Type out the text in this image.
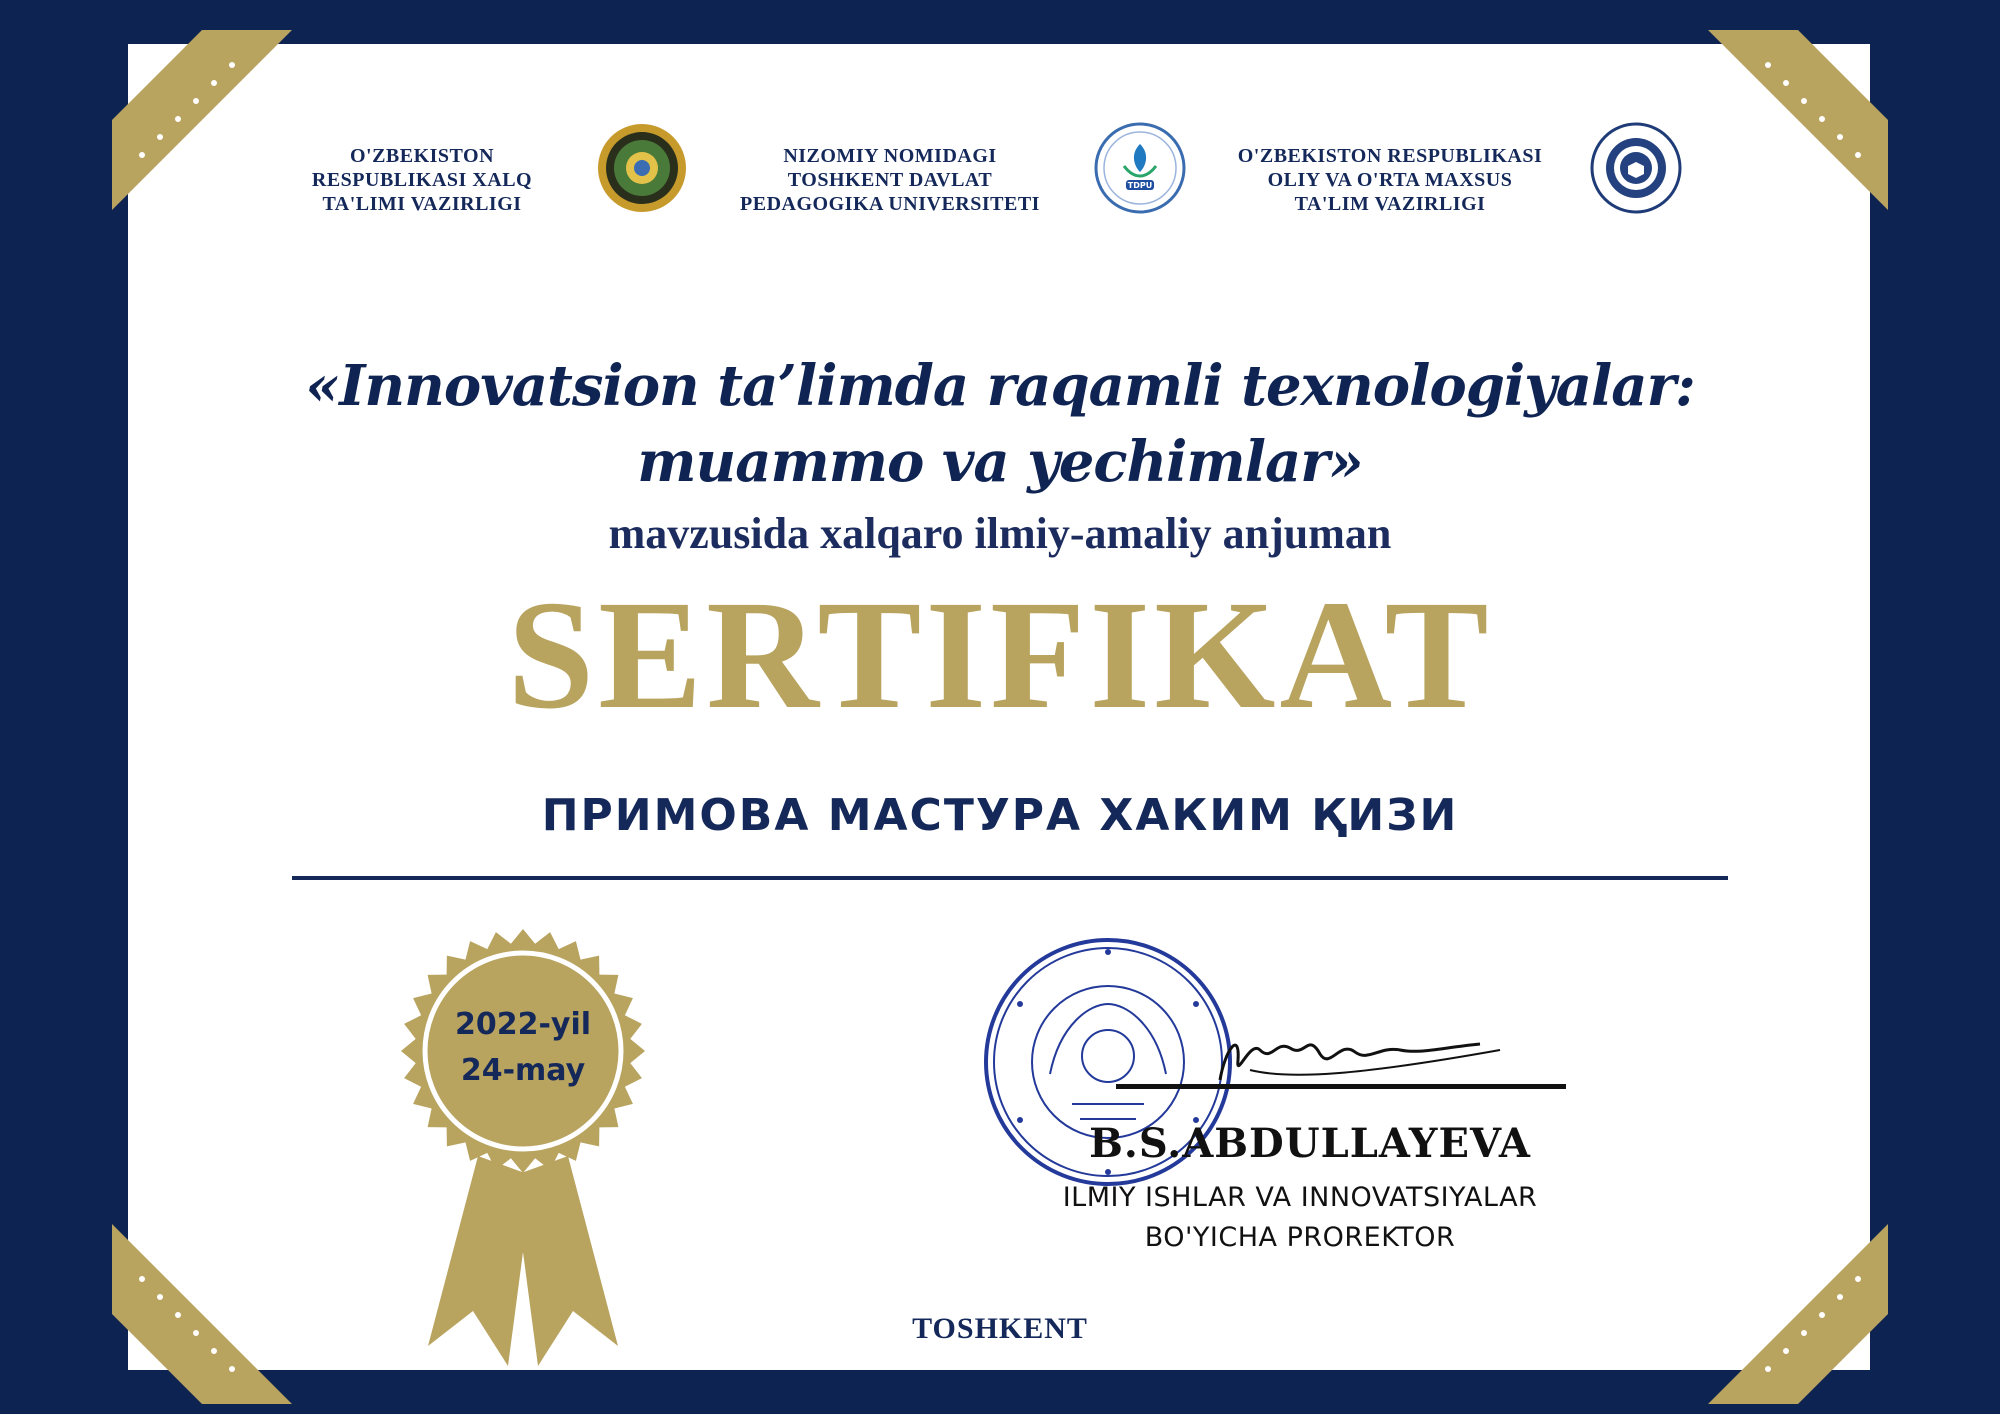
O'ZBEKISTON
RESPUBLIKASI XALQ
TA'LIMI VAZIRLIGI
NIZOMIY NOMIDAGI
TOSHKENT DAVLAT
PEDAGOGIKA UNIVERSITETI
TDPU
O'ZBEKISTON RESPUBLIKASI
OLIY VA O'RTA MAXSUS
TA'LIM VAZIRLIGI
«Innovatsion ta’limda raqamli texnologiyalar:
muammo va yechimlar»
mavzusida xalqaro ilmiy-amaliy anjuman
SERTIFIKAT
ПРИМОВА МАСТУРА ХАКИМ ҚИЗИ
2022-yil
24-may
B.S.ABDULLAYEVA
ILMIY ISHLAR VA INNOVATSIYALAR
BO'YICHA PROREKTOR
TOSHKENT
